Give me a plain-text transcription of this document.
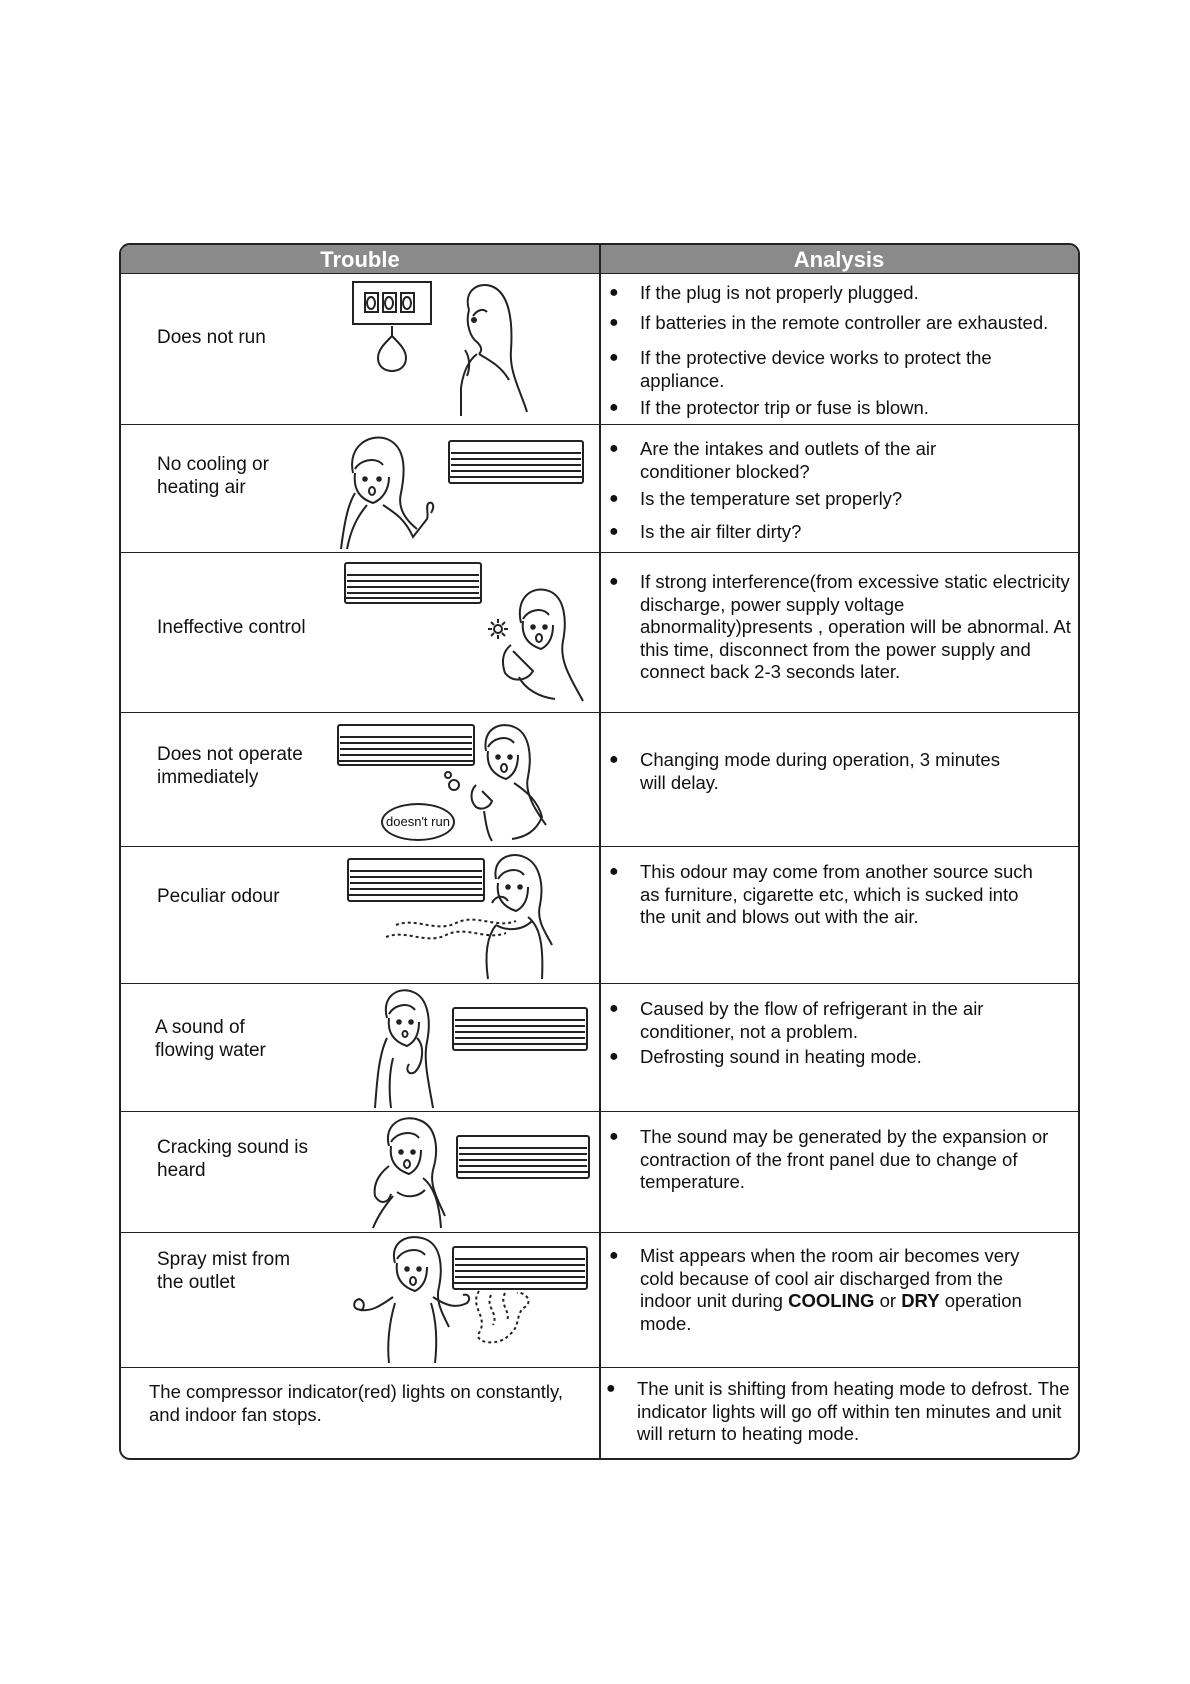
Trouble	Analysis
Does not run
● If the plug is not properly plugged.
● If batteries in the remote controller are exhausted.
● If the protective device works to protect the appliance.
● If the protector trip or fuse is blown.
No cooling or
heating air
● Are the intakes and outlets of the air conditioner blocked?
● Is the temperature set properly?
● Is the air filter dirty?
Ineffective control
● If strong interference(from excessive static electricity discharge, power supply voltage abnormality)presents , operation will be abnormal. At this time, disconnect from the power supply and connect back 2-3 seconds later.
Does not operate
immediately
doesn't run
● Changing mode during operation, 3 minutes will delay.
Peculiar odour
● This odour may come from another source such as furniture, cigarette etc, which is sucked into the unit and blows out with the air.
A sound of
flowing water
● Caused by the flow of refrigerant in the air conditioner, not a problem.
● Defrosting sound in heating mode.
Cracking sound is
heard
● The sound may be generated by the expansion or contraction of the front panel due to change of temperature.
Spray mist from
the outlet
● Mist appears when the room air becomes very cold because of cool air discharged from the indoor unit during COOLING or DRY operation mode.
The compressor indicator(red) lights on constantly,
and indoor fan stops.
● The unit is shifting from heating mode to defrost. The indicator lights will go off within ten minutes and unit will return to heating mode.
